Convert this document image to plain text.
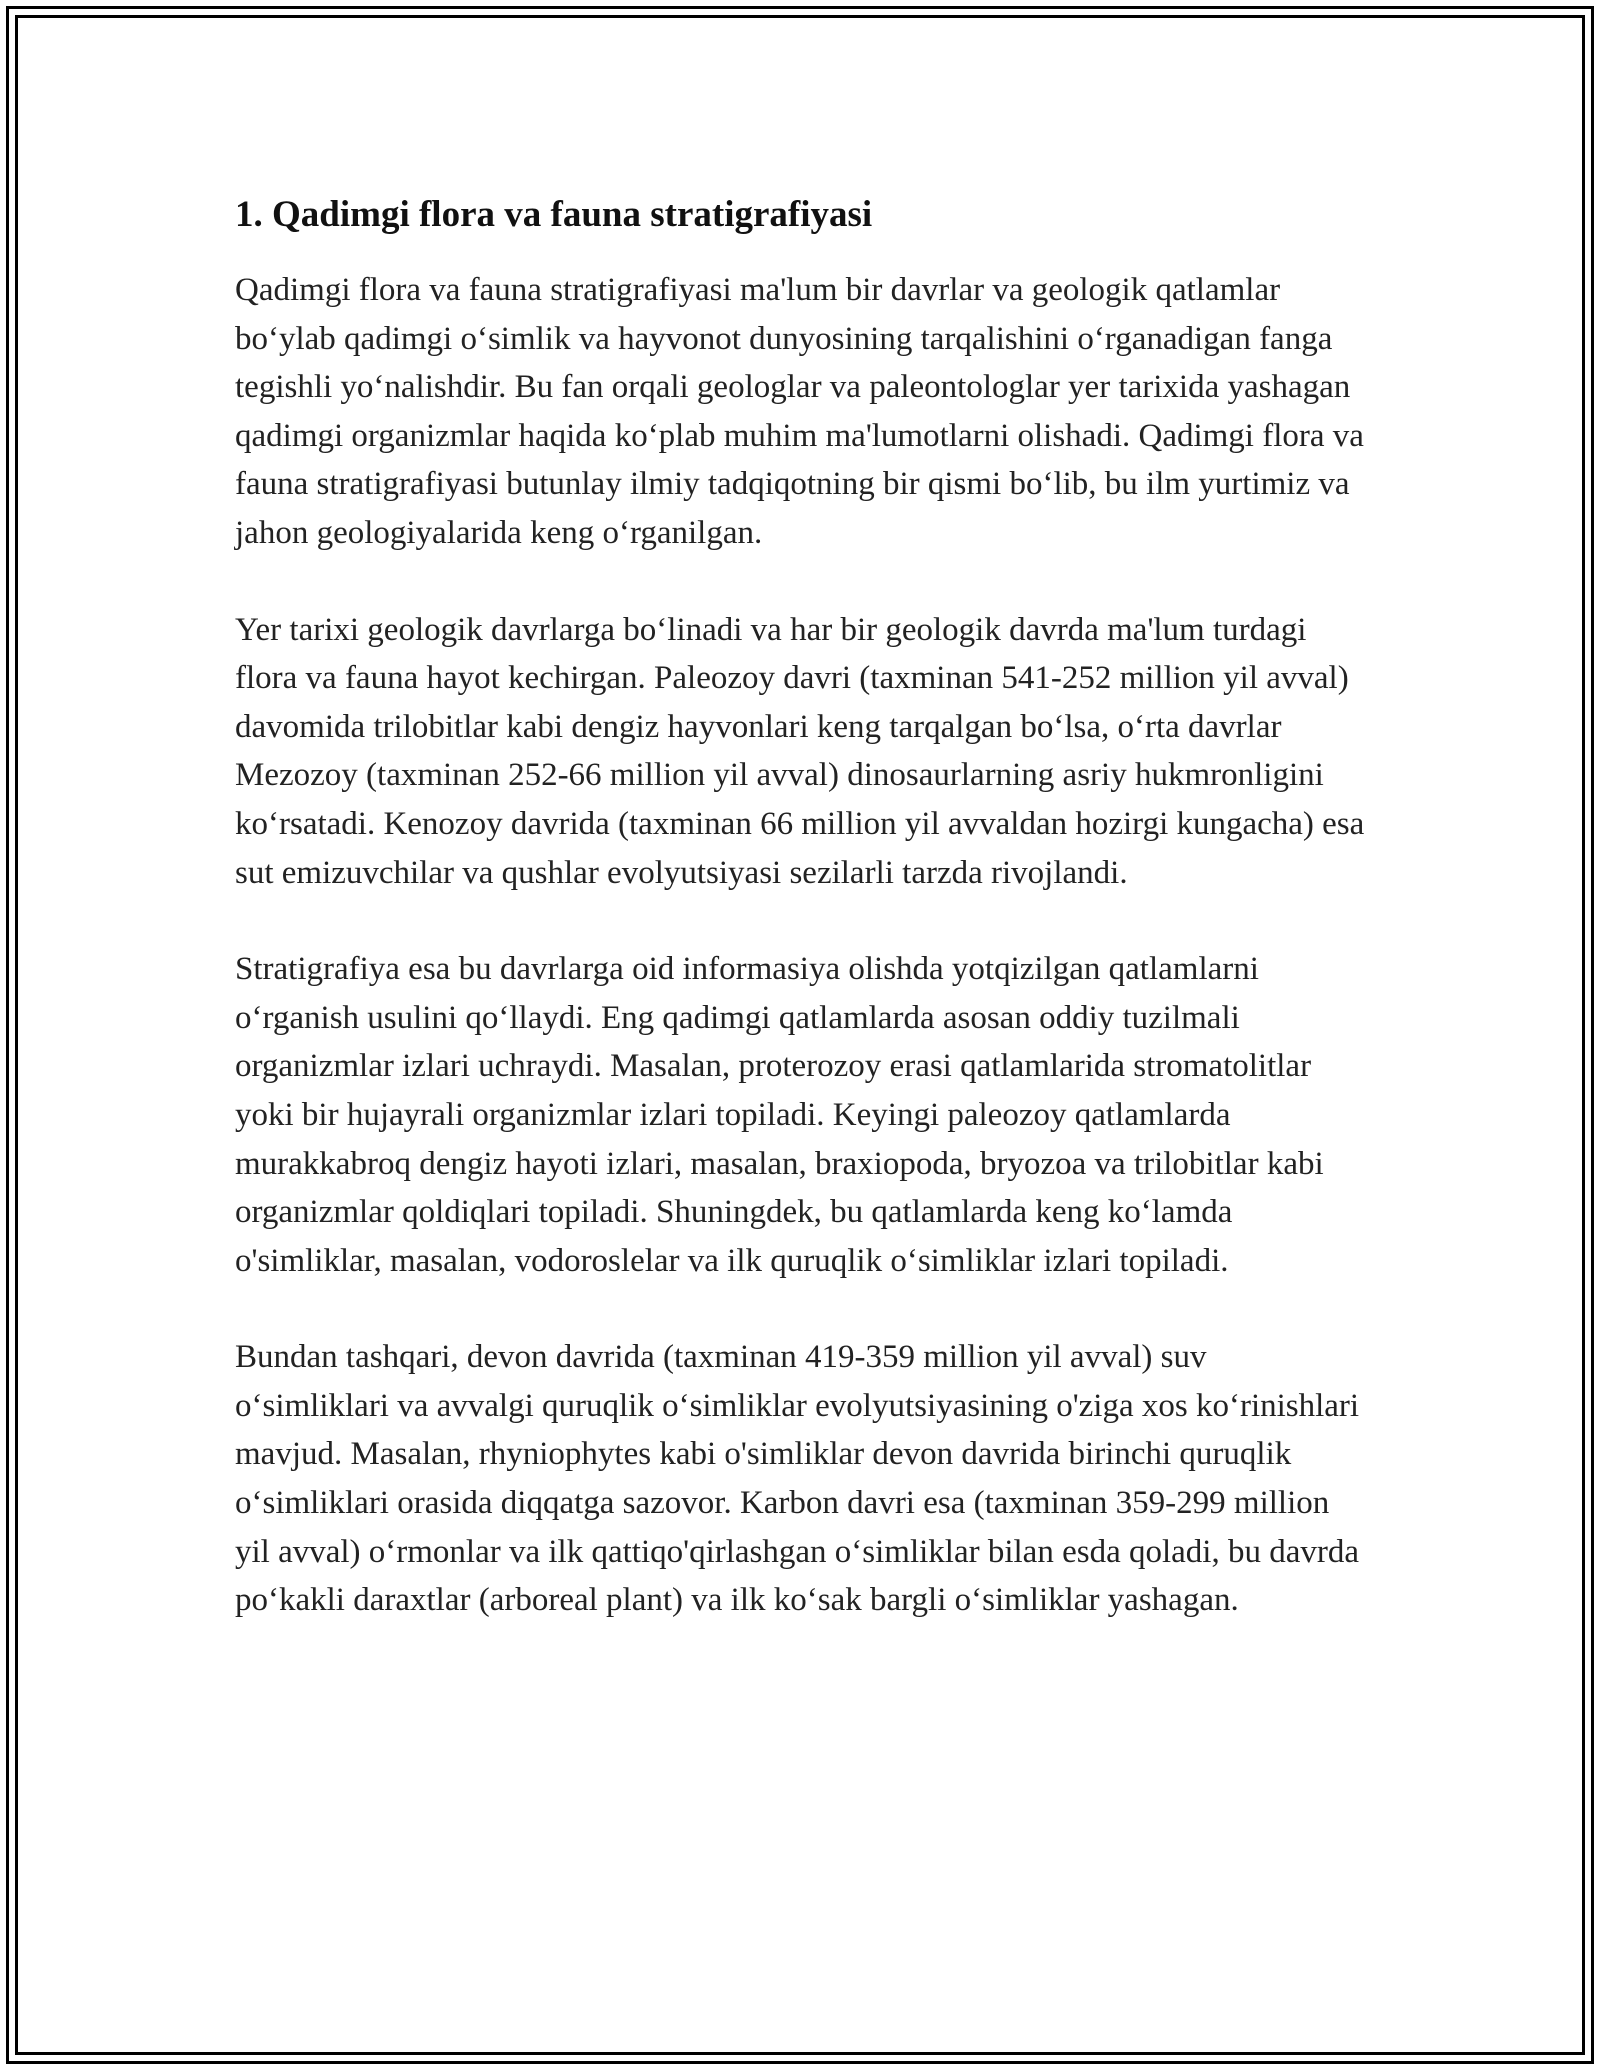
1. Qadimgi flora va fauna stratigrafiyasi

Qadimgi flora va fauna stratigrafiyasi ma'lum bir davrlar va geologik qatlamlar bo‘ylab qadimgi o‘simlik va hayvonot dunyosining tarqalishini o‘rganadigan fanga tegishli yo‘nalishdir. Bu fan orqali geologlar va paleontologlar yer tarixida yashagan qadimgi organizmlar haqida ko‘plab muhim ma'lumotlarni olishadi. Qadimgi flora va fauna stratigrafiyasi butunlay ilmiy tadqiqotning bir qismi bo‘lib, bu ilm yurtimiz va jahon geologiyalarida keng o‘rganilgan.

Yer tarixi geologik davrlarga bo‘linadi va har bir geologik davrda ma'lum turdagi flora va fauna hayot kechirgan. Paleozoy davri (taxminan 541-252 million yil avval) davomida trilobitlar kabi dengiz hayvonlari keng tarqalgan bo‘lsa, o‘rta davrlar Mezozoy (taxminan 252-66 million yil avval) dinosaurlarning asriy hukmronligini ko‘rsatadi. Kenozoy davrida (taxminan 66 million yil avvaldan hozirgi kungacha) esa sut emizuvchilar va qushlar evolyutsiyasi sezilarli tarzda rivojlandi.

Stratigrafiya esa bu davrlarga oid informasiya olishda yotqizilgan qatlamlarni o‘rganish usulini qo‘llaydi. Eng qadimgi qatlamlarda asosan oddiy tuzilmali organizmlar izlari uchraydi. Masalan, proterozoy erasi qatlamlarida stromatolitlar yoki bir hujayrali organizmlar izlari topiladi. Keyingi paleozoy qatlamlarda murakkabroq dengiz hayoti izlari, masalan, braxiopoda, bryozoa va trilobitlar kabi organizmlar qoldiqlari topiladi. Shuningdek, bu qatlamlarda keng ko‘lamda o'simliklar, masalan, vodoroslelar va ilk quruqlik o‘simliklar izlari topiladi.

Bundan tashqari, devon davrida (taxminan 419-359 million yil avval) suv o‘simliklari va avvalgi quruqlik o‘simliklar evolyutsiyasining o'ziga xos ko‘rinishlari mavjud. Masalan, rhyniophytes kabi o'simliklar devon davrida birinchi quruqlik o‘simliklari orasida diqqatga sazovor. Karbon davri esa (taxminan 359-299 million yil avval) o‘rmonlar va ilk qattiqo'qirlashgan o‘simliklar bilan esda qoladi, bu davrda po‘kakli daraxtlar (arboreal plant) va ilk ko‘sak bargli o‘simliklar yashagan.
